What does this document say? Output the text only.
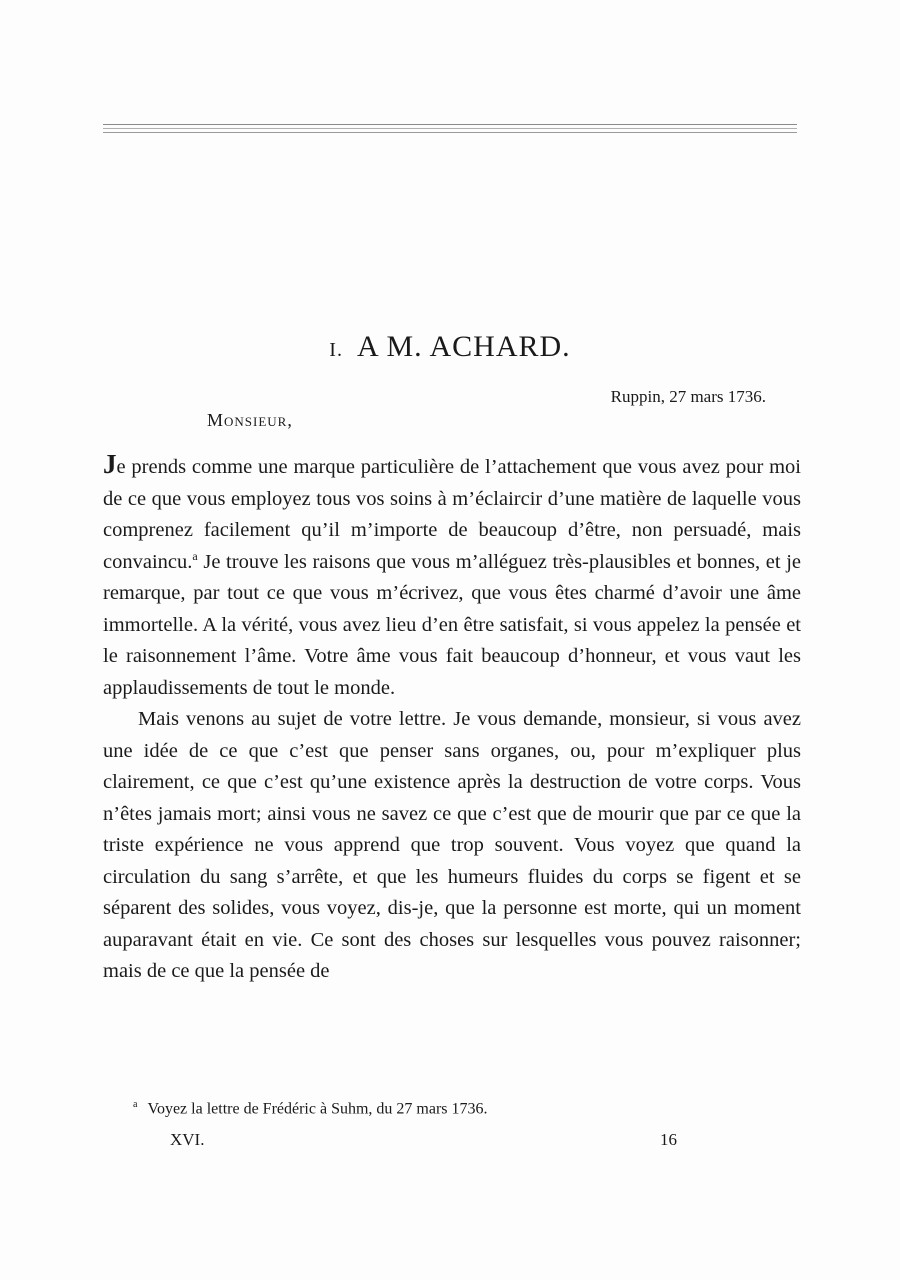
I. A M. ACHARD.
Ruppin, 27 mars 1736.
Monsieur,

Je prends comme une marque particulière de l’attachement que vous avez pour moi de ce que vous employez tous vos soins à m’éclaircir d’une matière de laquelle vous comprenez facilement qu’il m’importe de beaucoup d’être, non persuadé, mais convaincu.$^a$ Je trouve les raisons que vous m’alléguez très-plausibles et bonnes, et je remarque, par tout ce que vous m’écrivez, que vous êtes charmé d’avoir une âme immortelle. A la vérité, vous avez lieu d’en être satisfait, si vous appelez la pensée et le raisonnement l’âme. Votre âme vous fait beaucoup d’honneur, et vous vaut les applaudissements de tout le monde.

Mais venons au sujet de votre lettre. Je vous demande, monsieur, si vous avez une idée de ce que c’est que penser sans organes, ou, pour m’expliquer plus clairement, ce que c’est qu’une existence après la destruction de votre corps. Vous n’êtes jamais mort; ainsi vous ne savez ce que c’est que de mourir que par ce que la triste expérience ne vous apprend que trop souvent. Vous voyez que quand la circulation du sang s’arrête, et que les humeurs fluides du corps se figent et se séparent des solides, vous voyez, dis-je, que la personne est morte, qui un moment auparavant était en vie. Ce sont des choses sur lesquelles vous pouvez raisonner; mais de ce que la pensée de

$^a$ Voyez la lettre de Frédéric à Suhm, du 27 mars 1736.
XVI.	16
